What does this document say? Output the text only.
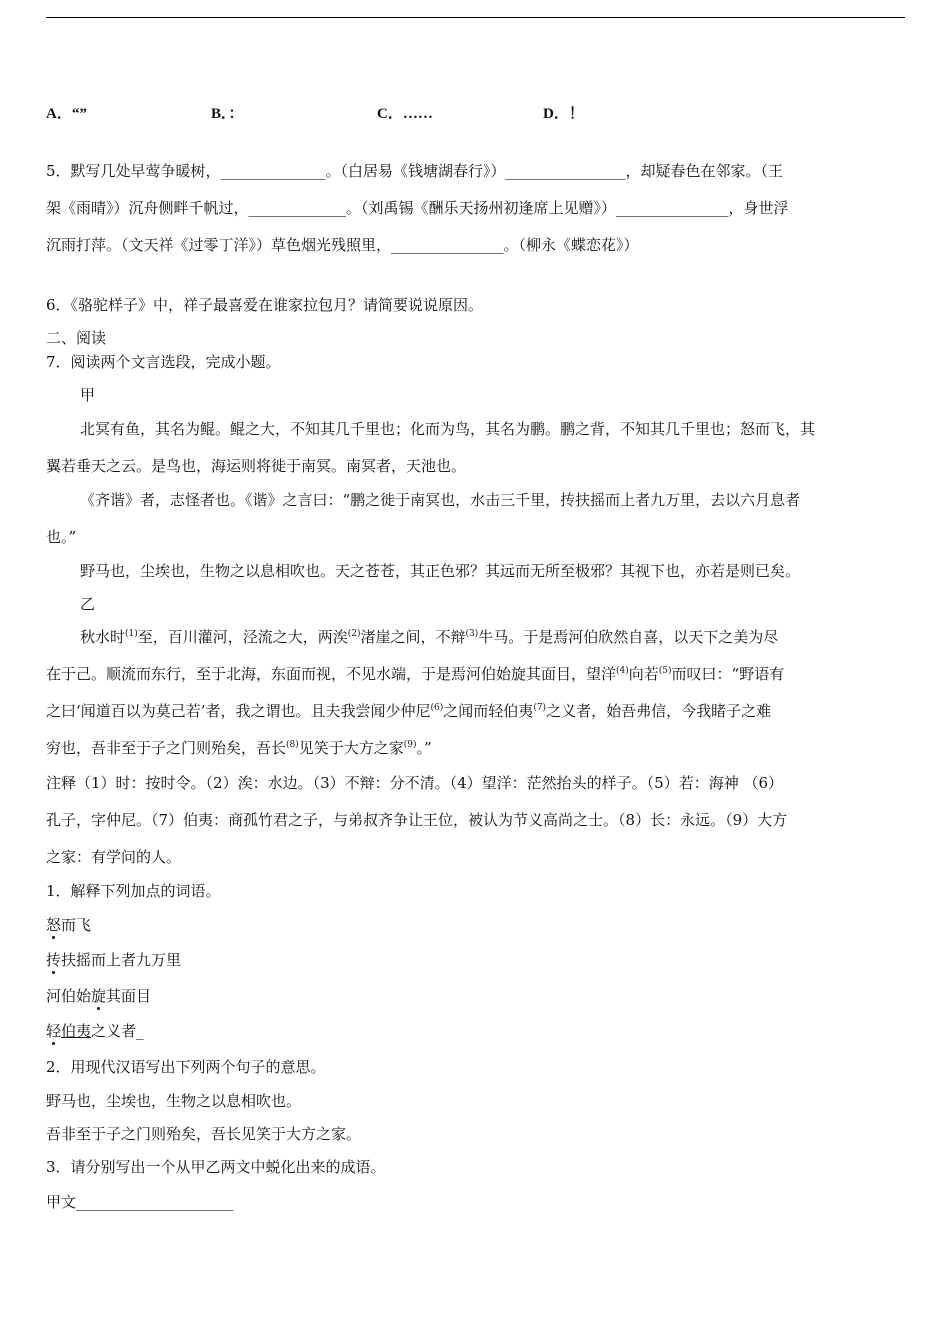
A．“”	B．：	C．……	D．！
5．默写几处早莺争暖树，______________。（白居易《钱塘湖春行》）________________，却疑春色在邻家。（王
架《雨晴》）沉舟侧畔千帆过，_____________。（刘禹锡《酬乐天扬州初逢席上见赠》）_______________，身世浮
沉雨打萍。（文天祥《过零丁洋》）草色烟光残照里，_______________。（柳永《蝶恋花》）
6．《骆驼样子》中，祥子最喜爱在谁家拉包月？请简要说说原因。
二、阅读
7．阅读两个文言选段，完成小题。
甲
北冥有鱼，其名为鲲。鲲之大，不知其几千里也；化而为鸟，其名为鹏。鹏之背，不知其几千里也；怒而飞，其
翼若垂天之云。是鸟也，海运则将徙于南冥。南冥者，天池也。
《齐谐》者，志怪者也。《谐》之言曰：“鹏之徙于南冥也，水击三千里，抟扶摇而上者九万里，去以六月息者
也。”
野马也，尘埃也，生物之以息相吹也。天之苍苍，其正色邪？其远而无所至极邪？其视下也，亦若是则已矣。
乙
秋水时$^{(1)}$至，百川灌河，泾流之大，两涘$^{(2)}$渚崖之间，不辩$^{(3)}$牛马。于是焉河伯欣然自喜，以天下之美为尽
在于己。顺流而东行，至于北海，东面而视，不见水端，于是焉河伯始旋其面目，望洋$^{(4)}$向若$^{(5)}$而叹曰：“野语有
之曰‘闻道百以为莫己若’者，我之谓也。且夫我尝闻少仲尼$^{(6)}$之闻而轻伯夷$^{(7)}$之义者，始吾弗信，今我睹子之难
穷也，吾非至于子之门则殆矣，吾长$^{(8)}$见笑于大方之家$^{(9)}$。”
注释（1）时：按时令。（2）涘：水边。（3）不辩：分不清。（4）望洋：茫然抬头的样子。（5）若：海神 （6）
孔子，字仲尼。（7）伯夷：商孤竹君之子，与弟叔齐争让王位，被认为节义高尚之士。（8）长：永远。（9）大方
之家：有学问的人。
1．解释下列加点的词语。
怒而飞
抟扶摇而上者九万里
河伯始旋其面目
轻伯夷之义者_
2．用现代汉语写出下列两个句子的意思。
野马也，尘埃也，生物之以息相吹也。
吾非至于子之门则殆矣，吾长见笑于大方之家。
3．请分别写出一个从甲乙两文中蜕化出来的成语。
甲文_____________________
